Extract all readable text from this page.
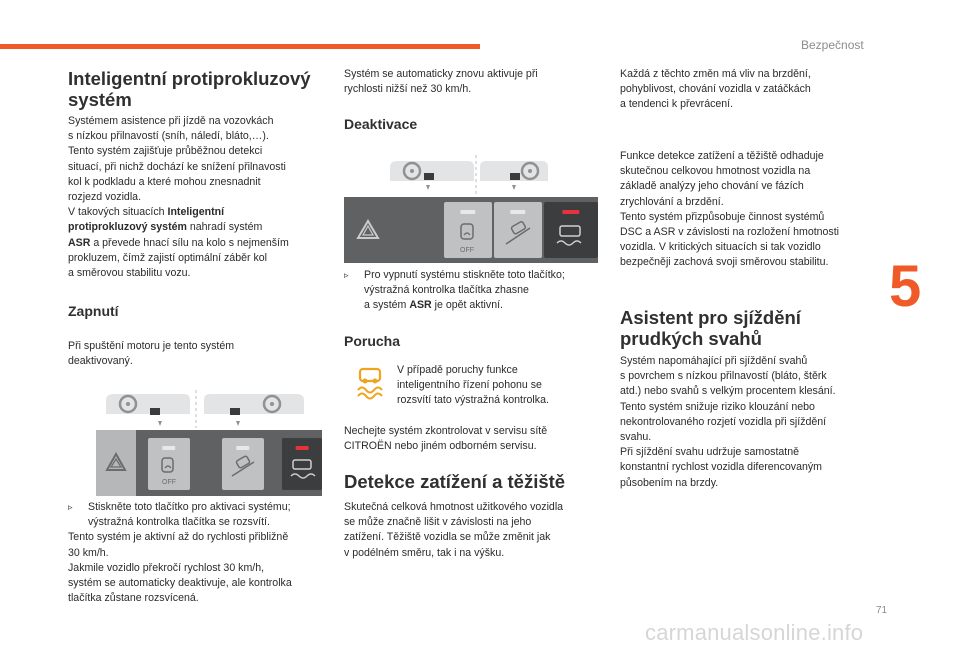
Bezpečnost
5
71
carmanualsonline.info

Inteligentní protiprokluzový
systém

Systémem asistence při jízdě na vozovkách

s nízkou přilnavostí (sníh, náledí, bláto,…).

Tento systém zajišťuje průběžnou detekci

situací, při nichž dochází ke snížení přilnavosti

kol k podkladu a které mohou znesnadnit

rozjezd vozidla.

V takových situacích Inteligentní

protiprokluzový systém nahradí systém

ASR a převede hnací sílu na kolo s nejmenším

prokluzem, čímž zajistí optimální záběr kol

a směrovou stabilitu vozu.

Zapnutí

Při spuštění motoru je tento systém

deaktivovaný.

OFF

▹ Stiskněte toto tlačítko pro aktivaci systému;

výstražná kontrolka tlačítka se rozsvítí.

Tento systém je aktivní až do rychlosti přibližně

30 km/h.

Jakmile vozidlo překročí rychlost 30 km/h,

systém se automaticky deaktivuje, ale kontrolka

tlačítka zůstane rozsvícená.

Systém se automaticky znovu aktivuje při

rychlosti nižší než 30 km/h.

Deaktivace

OFF

▹ Pro vypnutí systému stiskněte toto tlačítko;

výstražná kontrolka tlačítka zhasne

a systém ASR je opět aktivní.

Porucha

V případě poruchy funkce

inteligentního řízení pohonu se

rozsvítí tato výstražná kontrolka.

Nechejte systém zkontrolovat v servisu sítě

CITROËN nebo jiném odborném servisu.

Detekce zatížení a těžiště

Skutečná celková hmotnost užitkového vozidla

se může značně lišit v závislosti na jeho

zatížení. Těžiště vozidla se může změnit jak

v podélném směru, tak i na výšku.

Každá z těchto změn má vliv na brzdění,

pohyblivost, chování vozidla v zatáčkách

a tendenci k převrácení.

Funkce detekce zatížení a těžiště odhaduje

skutečnou celkovou hmotnost vozidla na

základě analýzy jeho chování ve fázích

zrychlování a brzdění.

Tento systém přizpůsobuje činnost systémů

DSC a ASR v závislosti na rozložení hmotnosti

vozidla. V kritických situacích si tak vozidlo

bezpečněji zachová svoji směrovou stabilitu.

Asistent pro sjíždění
prudkých svahů

Systém napomáhající při sjíždění svahů

s povrchem s nízkou přilnavostí (bláto, štěrk

atd.) nebo svahů s velkým procentem klesání.

Tento systém snižuje riziko klouzání nebo

nekontrolovaného rozjetí vozidla při sjíždění

svahu.

Při sjíždění svahu udržuje samostatně

konstantní rychlost vozidla diferencovaným

působením na brzdy.
